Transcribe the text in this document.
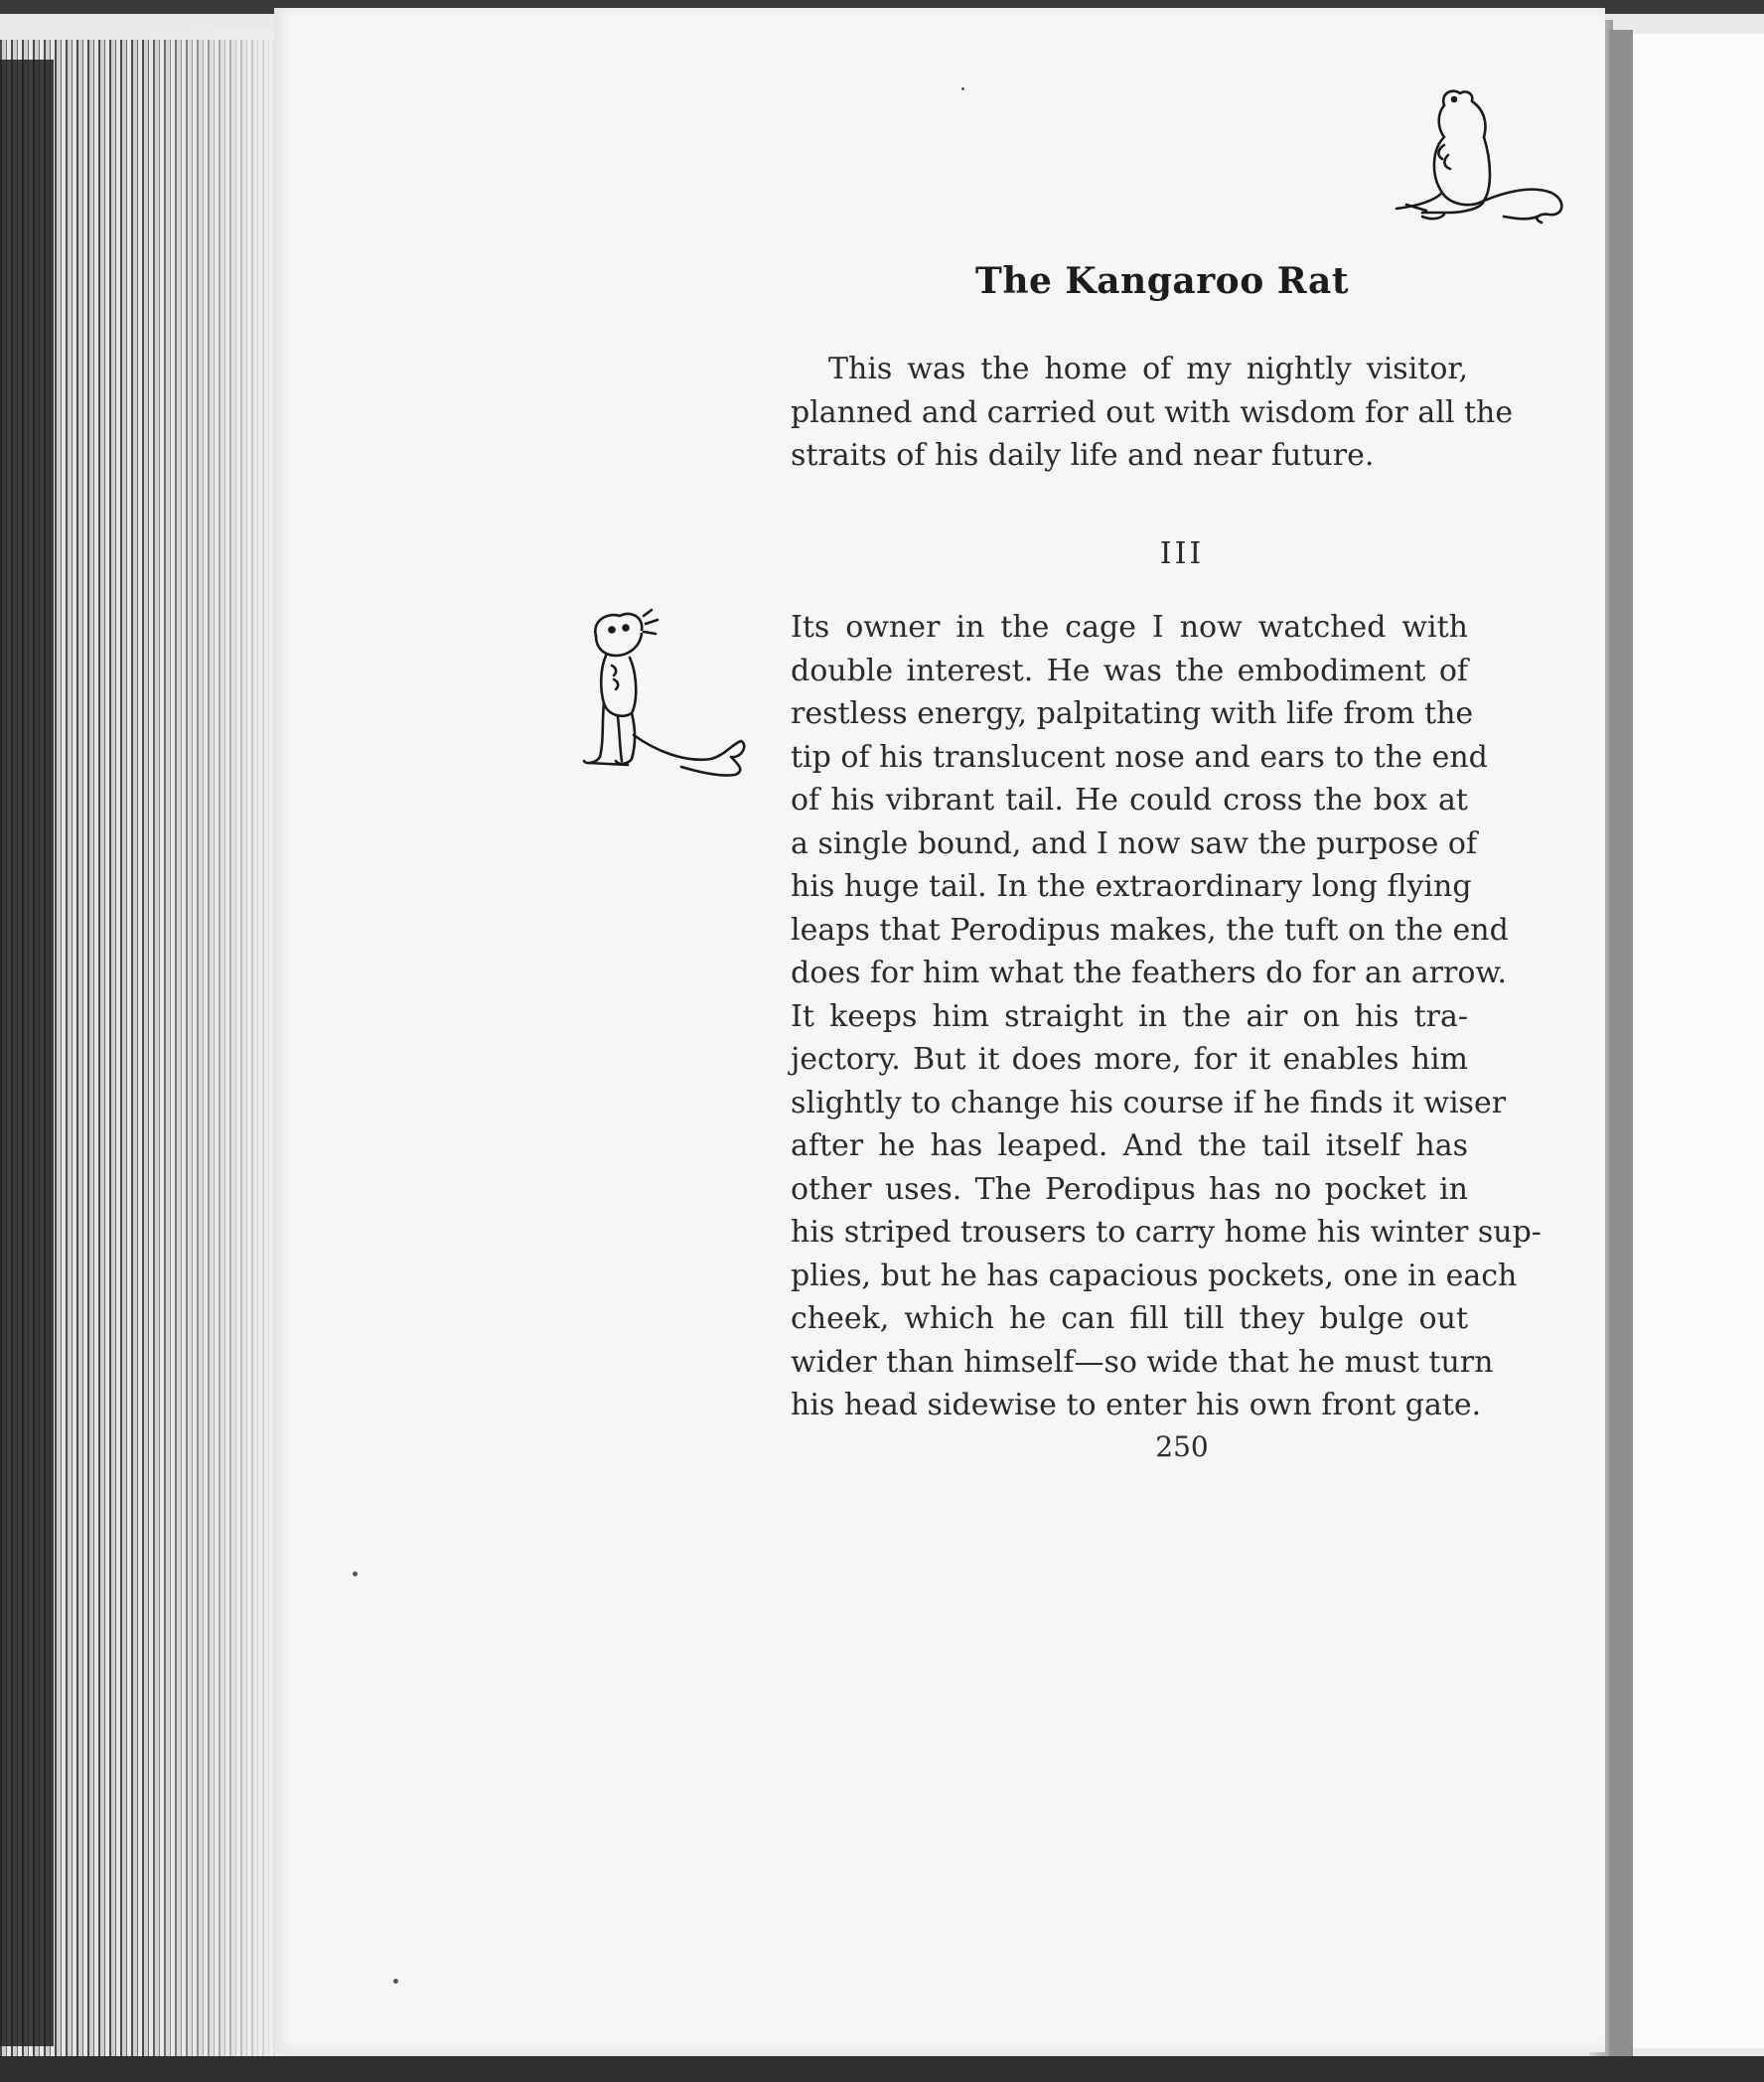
The Kangaroo Rat
This was the home of my nightly visitor,
planned and carried out with wisdom for all the
straits of his daily life and near future.
III
Its owner in the cage I now watched with
double interest. He was the embodiment of
restless energy, palpitating with life from the
tip of his translucent nose and ears to the end
of his vibrant tail. He could cross the box at
a single bound, and I now saw the purpose of
his huge tail. In the extraordinary long flying
leaps that Perodipus makes, the tuft on the end
does for him what the feathers do for an arrow.
It keeps him straight in the air on his tra-
jectory. But it does more, for it enables him
slightly to change his course if he finds it wiser
after he has leaped. And the tail itself has
other uses. The Perodipus has no pocket in
his striped trousers to carry home his winter sup-
plies, but he has capacious pockets, one in each
cheek, which he can fill till they bulge out
wider than himself—so wide that he must turn
his head sidewise to enter his own front gate.
250
